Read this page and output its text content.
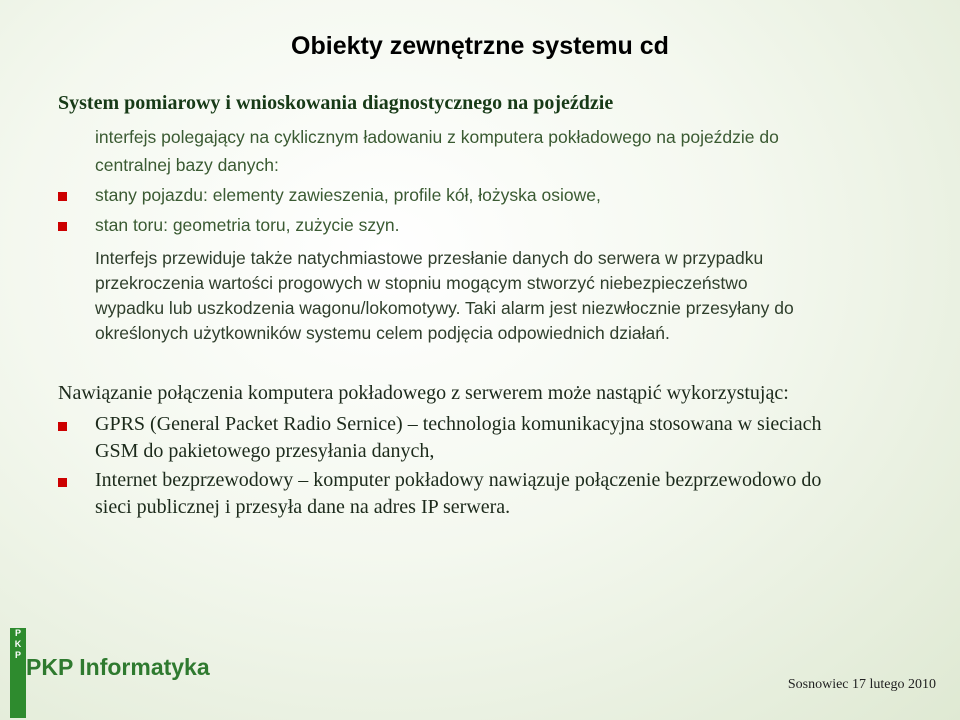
Obiekty zewnętrzne systemu cd
System pomiarowy i wnioskowania diagnostycznego na pojeździe
interfejs polegający na cyklicznym ładowaniu z komputera pokładowego na pojeździe do
centralnej bazy danych:
stany pojazdu: elementy zawieszenia, profile kół, łożyska osiowe,
stan toru: geometria toru, zużycie szyn.
Interfejs przewiduje także natychmiastowe przesłanie danych do serwera w przypadku
przekroczenia wartości progowych w stopniu mogącym stworzyć niebezpieczeństwo
wypadku lub uszkodzenia wagonu/lokomotywy. Taki alarm jest niezwłocznie przesyłany do
określonych użytkowników systemu celem podjęcia odpowiednich działań.
Nawiązanie połączenia komputera pokładowego z serwerem może nastąpić wykorzystując:
GPRS (General Packet Radio Sernice) – technologia komunikacyjna stosowana w sieciach
GSM do pakietowego przesyłania danych,
Internet bezprzewodowy – komputer pokładowy nawiązuje połączenie bezprzewodowo do
sieci publicznej i przesyła dane na adres IP serwera.
P
K
P PKP Informatyka
Sosnowiec 17 lutego 2010
